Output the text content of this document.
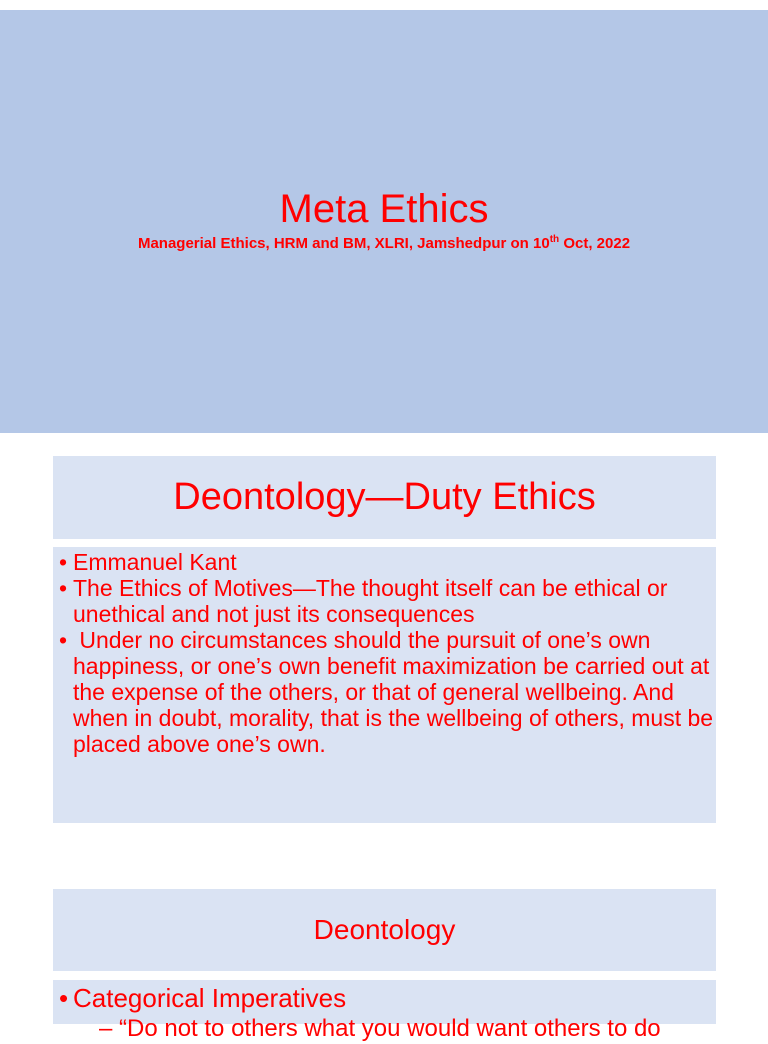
Meta Ethics
Managerial Ethics, HRM and BM, XLRI, Jamshedpur on 10th Oct, 2022
Deontology—Duty Ethics
• Emmanuel Kant
• The Ethics of Motives—The thought itself can be ethical or unethical and not just its consequences
• Under no circumstances should the pursuit of one’s own happiness, or one’s own benefit maximization be carried out at the expense of the others, or that of general wellbeing. And when in doubt, morality, that is the wellbeing of others, must be placed above one’s own.
Deontology
• Categorical Imperatives
– “Do not to others what you would want others to do
